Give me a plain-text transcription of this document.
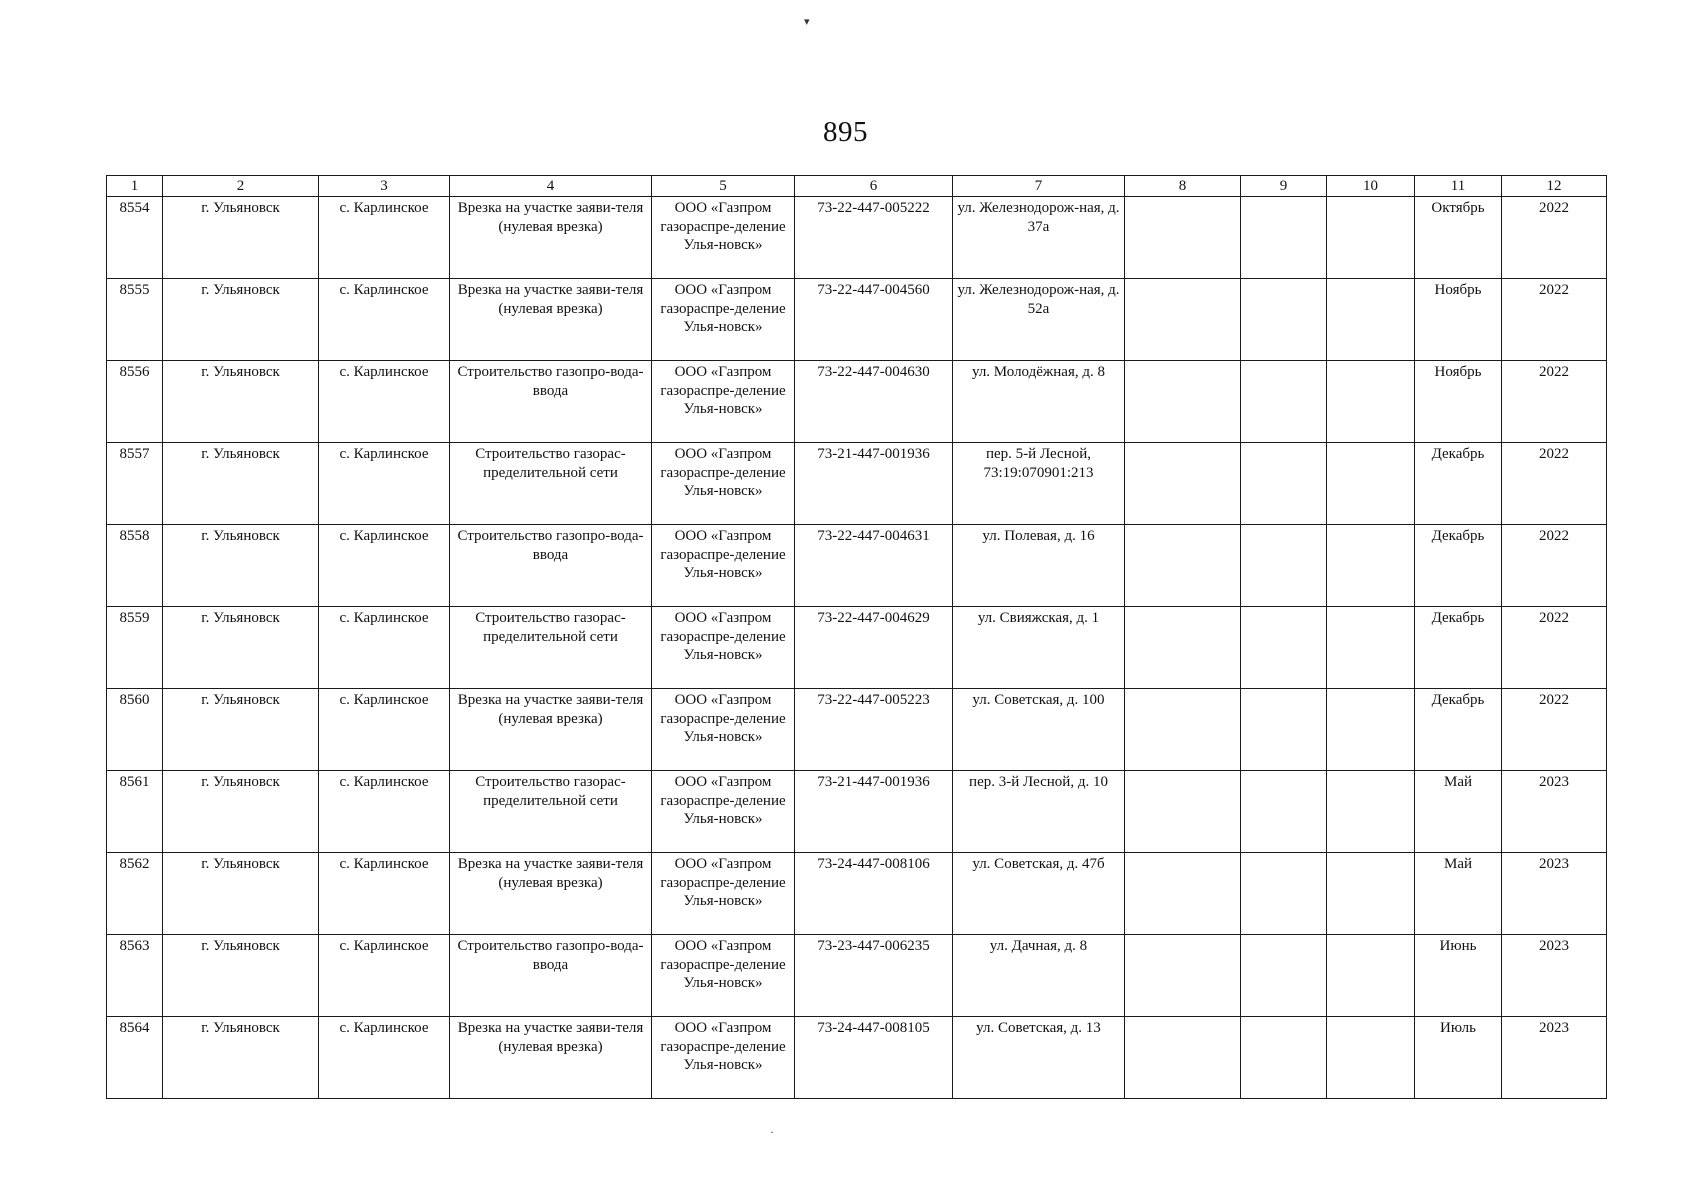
▾
895
1	2	3	4	5	6	7	8	9	10	11	12
8554	г. Ульяновск	с. Карлинское	Врезка на участке заяви-теля (нулевая врезка)	ООО «Газпром газораспре-деление Улья-новск»	73-22-447-005222	ул. Железнодорож-ная, д. 37а				Октябрь	2022
8555	г. Ульяновск	с. Карлинское	Врезка на участке заяви-теля (нулевая врезка)	ООО «Газпром газораспре-деление Улья-новск»	73-22-447-004560	ул. Железнодорож-ная, д. 52а				Ноябрь	2022
8556	г. Ульяновск	с. Карлинское	Строительство газопро-вода-ввода	ООО «Газпром газораспре-деление Улья-новск»	73-22-447-004630	ул. Молодёжная, д. 8				Ноябрь	2022
8557	г. Ульяновск	с. Карлинское	Строительство газорас-пределительной сети	ООО «Газпром газораспре-деление Улья-новск»	73-21-447-001936	пер. 5-й Лесной, 73:19:070901:213				Декабрь	2022
8558	г. Ульяновск	с. Карлинское	Строительство газопро-вода-ввода	ООО «Газпром газораспре-деление Улья-новск»	73-22-447-004631	ул. Полевая, д. 16				Декабрь	2022
8559	г. Ульяновск	с. Карлинское	Строительство газорас-пределительной сети	ООО «Газпром газораспре-деление Улья-новск»	73-22-447-004629	ул. Свияжская, д. 1				Декабрь	2022
8560	г. Ульяновск	с. Карлинское	Врезка на участке заяви-теля (нулевая врезка)	ООО «Газпром газораспре-деление Улья-новск»	73-22-447-005223	ул. Советская, д. 100				Декабрь	2022
8561	г. Ульяновск	с. Карлинское	Строительство газорас-пределительной сети	ООО «Газпром газораспре-деление Улья-новск»	73-21-447-001936	пер. 3-й Лесной, д. 10				Май	2023
8562	г. Ульяновск	с. Карлинское	Врезка на участке заяви-теля (нулевая врезка)	ООО «Газпром газораспре-деление Улья-новск»	73-24-447-008106	ул. Советская, д. 47б				Май	2023
8563	г. Ульяновск	с. Карлинское	Строительство газопро-вода-ввода	ООО «Газпром газораспре-деление Улья-новск»	73-23-447-006235	ул. Дачная, д. 8				Июнь	2023
8564	г. Ульяновск	с. Карлинское	Врезка на участке заяви-теля (нулевая врезка)	ООО «Газпром газораспре-деление Улья-новск»	73-24-447-008105	ул. Советская, д. 13				Июль	2023
·
